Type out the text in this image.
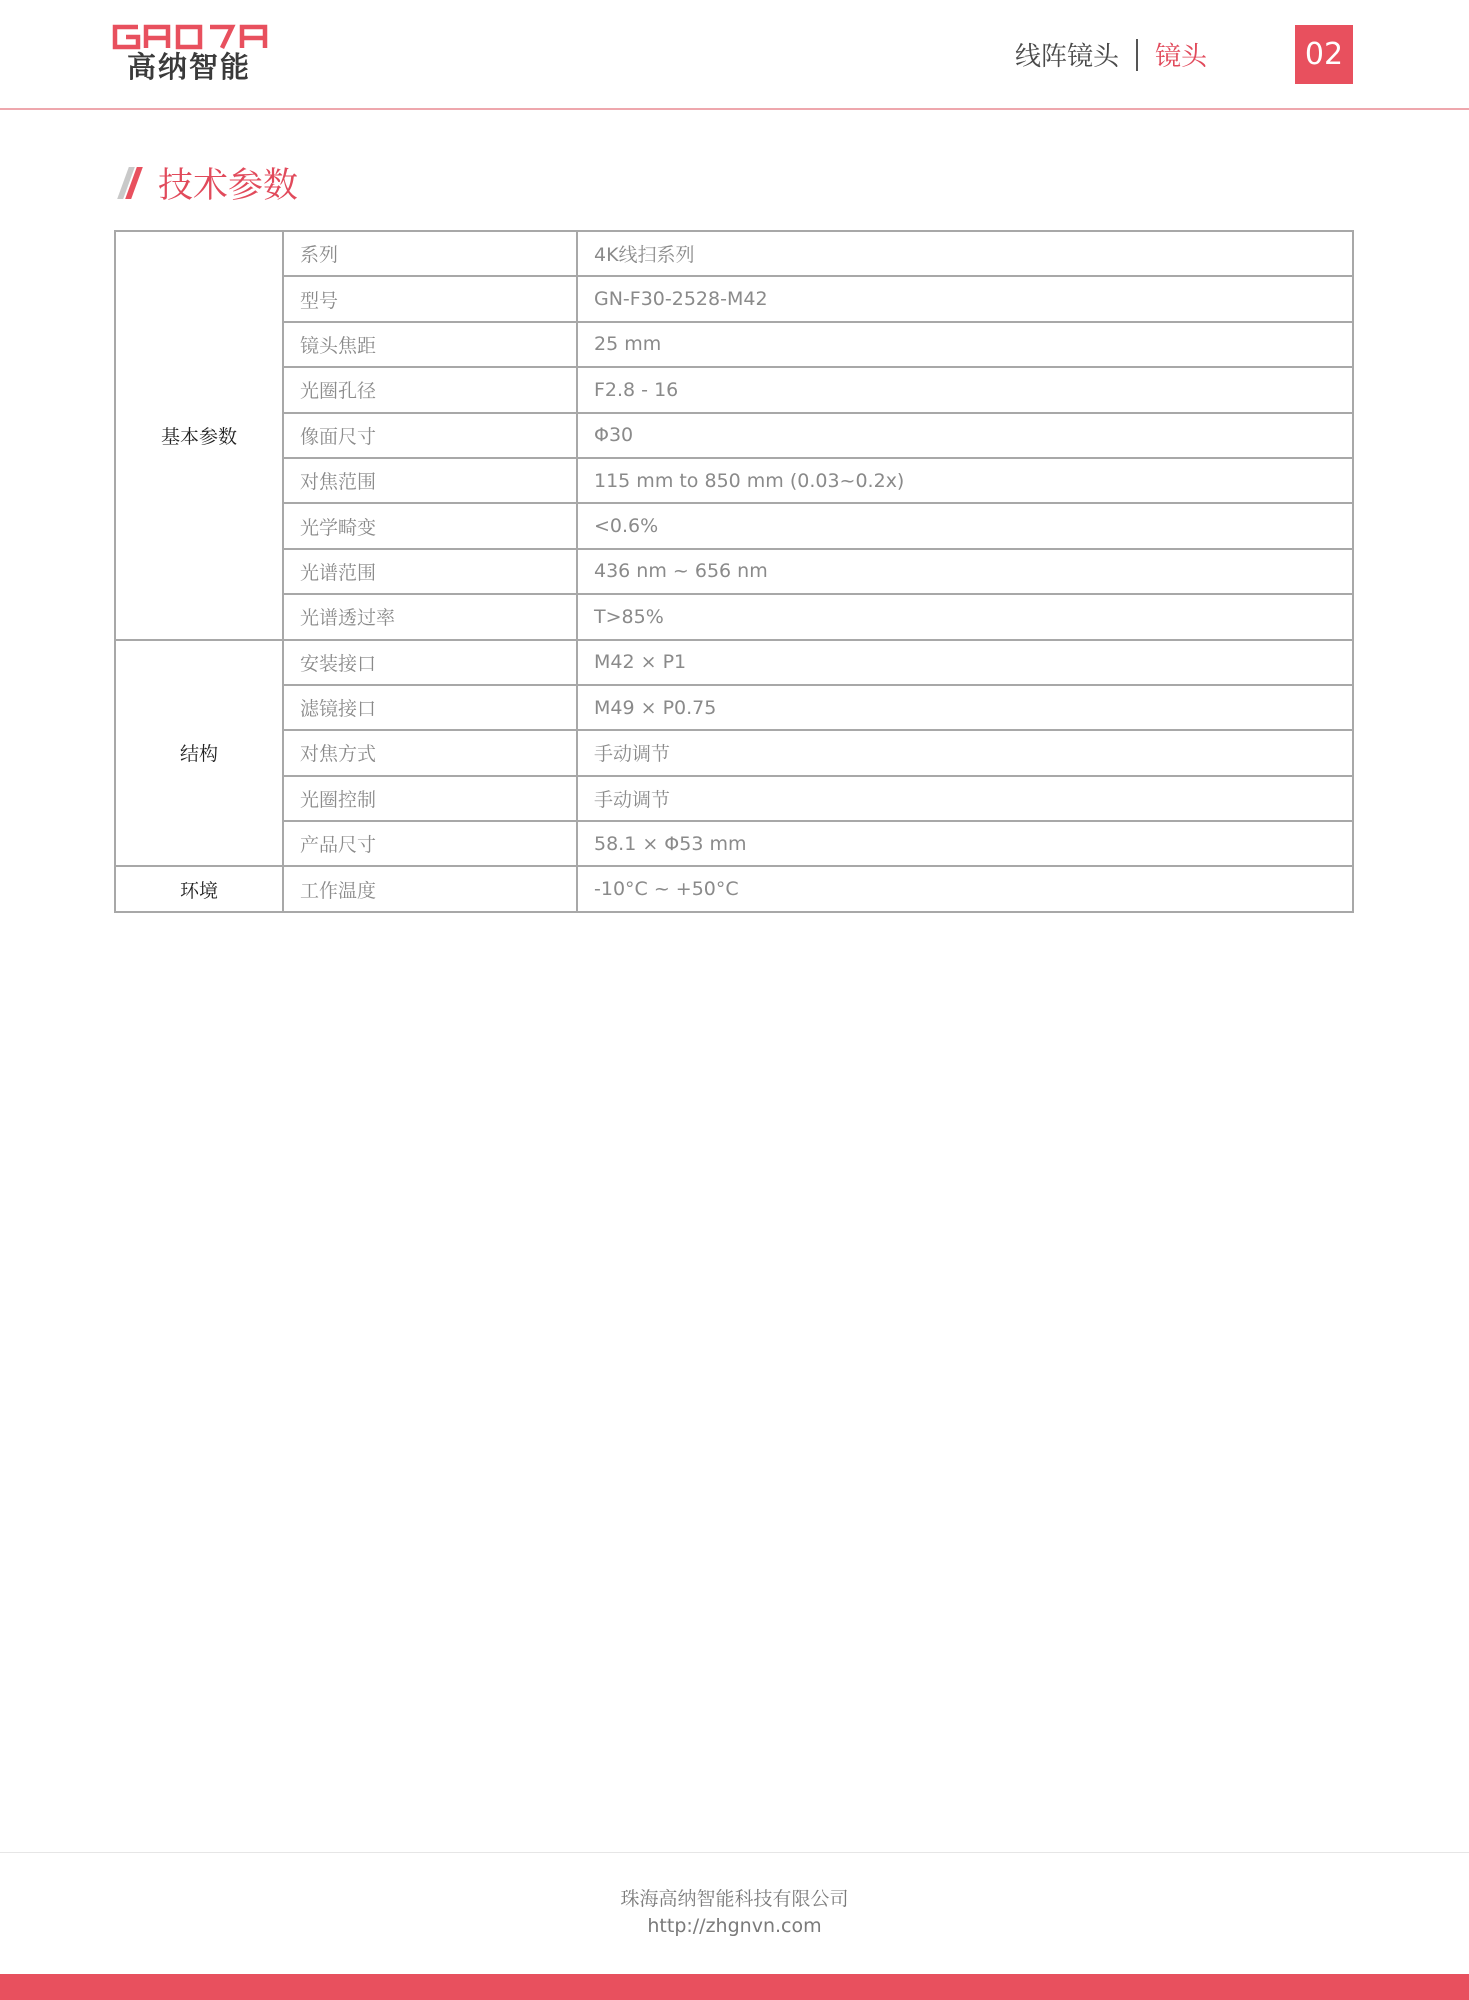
高纳智能	线阵镜头 镜头	02
技术参数
基本参数	系列	4K线扫系列
	型号	GN-F30-2528-M42
	镜头焦距	25 mm
	光圈孔径	F2.8 - 16
	像面尺寸	Φ30
	对焦范围	115 mm to 850 mm (0.03~0.2x)
	光学畸变	<0.6%
	光谱范围	436 nm ~ 656 nm
	光谱透过率	T>85%
结构	安装接口	M42 × P1
	滤镜接口	M49 × P0.75
	对焦方式	手动调节
	光圈控制	手动调节
	产品尺寸	58.1 × Φ53 mm
环境	工作温度	-10°C ~ +50°C
珠海高纳智能科技有限公司
http://zhgnvn.com
